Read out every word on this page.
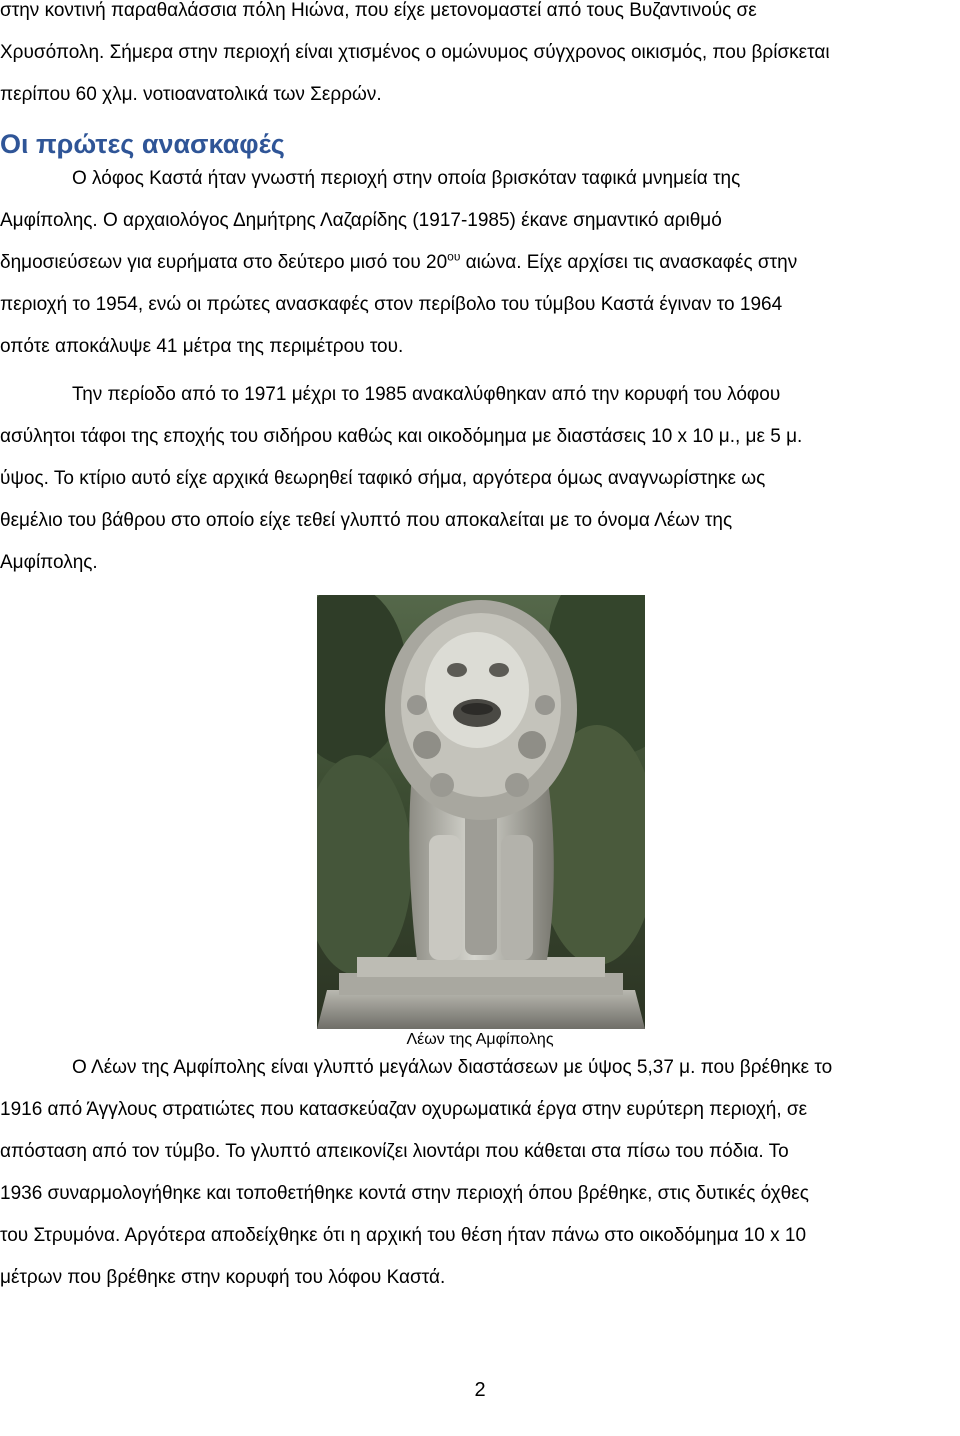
στην κοντινή παραθαλάσσια πόλη Ηιώνα, που είχε μετονομαστεί από τους Βυζαντινούς σε
Χρυσόπολη. Σήμερα στην περιοχή είναι χτισμένος ο ομώνυμος σύγχρονος οικισμός, που βρίσκεται
περίπου 60 χλμ. νοτιοανατολικά των Σερρών.
Οι πρώτες ανασκαφές
Ο λόφος Καστά ήταν γνωστή περιοχή στην οποία βρισκόταν ταφικά μνημεία της
Αμφίπολης. Ο αρχαιολόγος Δημήτρης Λαζαρίδης (1917-1985) έκανε σημαντικό αριθμό
δημοσιεύσεων για ευρήματα στο δεύτερο μισό του $20^{o\upsilon}$ αιώνα. Είχε αρχίσει τις ανασκαφές στην
περιοχή το 1954, ενώ οι πρώτες ανασκαφές στον περίβολο του τύμβου Καστά έγιναν το 1964
οπότε αποκάλυψε 41 μέτρα της περιμέτρου του.
Την περίοδο από το 1971 μέχρι το 1985 ανακαλύφθηκαν από την κορυφή του λόφου
ασύλητοι τάφοι της εποχής του σιδήρου καθώς και οικοδόμημα με διαστάσεις 10 x 10 μ., με 5 μ.
ύψος. Το κτίριο αυτό είχε αρχικά θεωρηθεί ταφικό σήμα, αργότερα όμως αναγνωρίστηκε ως
θεμέλιο του βάθρου στο οποίο είχε τεθεί γλυπτό που αποκαλείται με το όνομα Λέων της
Αμφίπολης.

Λέων της Αμφίπολης

Ο Λέων της Αμφίπολης είναι γλυπτό μεγάλων διαστάσεων με ύψος 5,37 μ. που βρέθηκε το
1916 από Άγγλους στρατιώτες που κατασκεύαζαν οχυρωματικά έργα στην ευρύτερη περιοχή, σε
απόσταση από τον τύμβο. Το γλυπτό απεικονίζει λιοντάρι που κάθεται στα πίσω του πόδια. Το
1936 συναρμολογήθηκε και τοποθετήθηκε κοντά στην περιοχή όπου βρέθηκε, στις δυτικές όχθες
του Στρυμόνα. Αργότερα αποδείχθηκε ότι η αρχική του θέση ήταν πάνω στο οικοδόμημα 10 x 10
μέτρων που βρέθηκε στην κορυφή του λόφου Καστά.

2
